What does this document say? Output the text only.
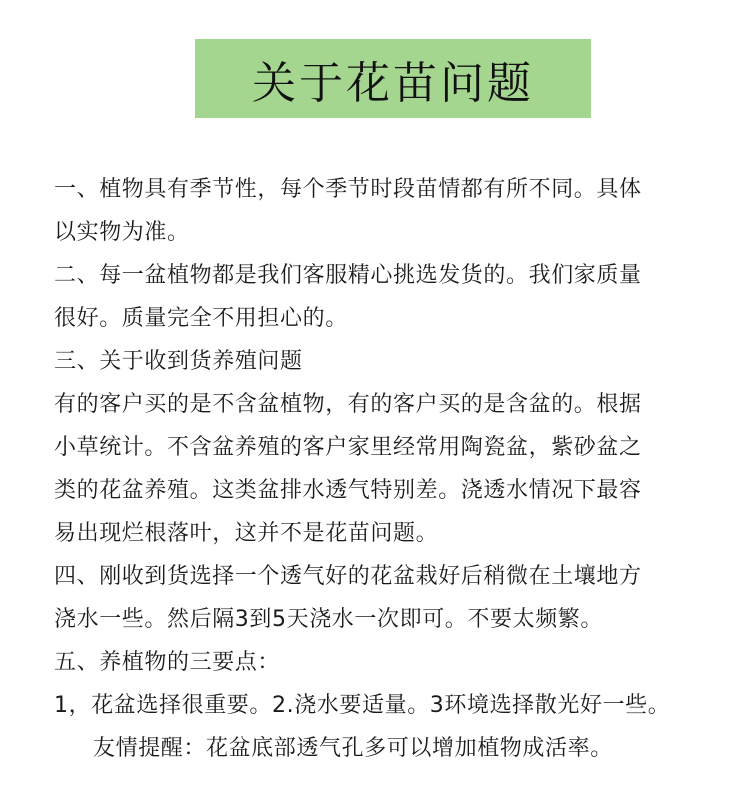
关于花苗问题
一、植物具有季节性，每个季节时段苗情都有所不同。具体
以实物为准。
二、每一盆植物都是我们客服精心挑选发货的。我们家质量
很好。质量完全不用担心的。
三、关于收到货养殖问题
有的客户买的是不含盆植物，有的客户买的是含盆的。根据
小草统计。不含盆养殖的客户家里经常用陶瓷盆，紫砂盆之
类的花盆养殖。这类盆排水透气特别差。浇透水情况下最容
易出现烂根落叶，这并不是花苗问题。
四、刚收到货选择一个透气好的花盆栽好后稍微在土壤地方
浇水一些。然后隔3到5天浇水一次即可。不要太频繁。
五、养植物的三要点：
1，花盆选择很重要。2.浇水要适量。3环境选择散光好一些。
友情提醒：花盆底部透气孔多可以增加植物成活率。
